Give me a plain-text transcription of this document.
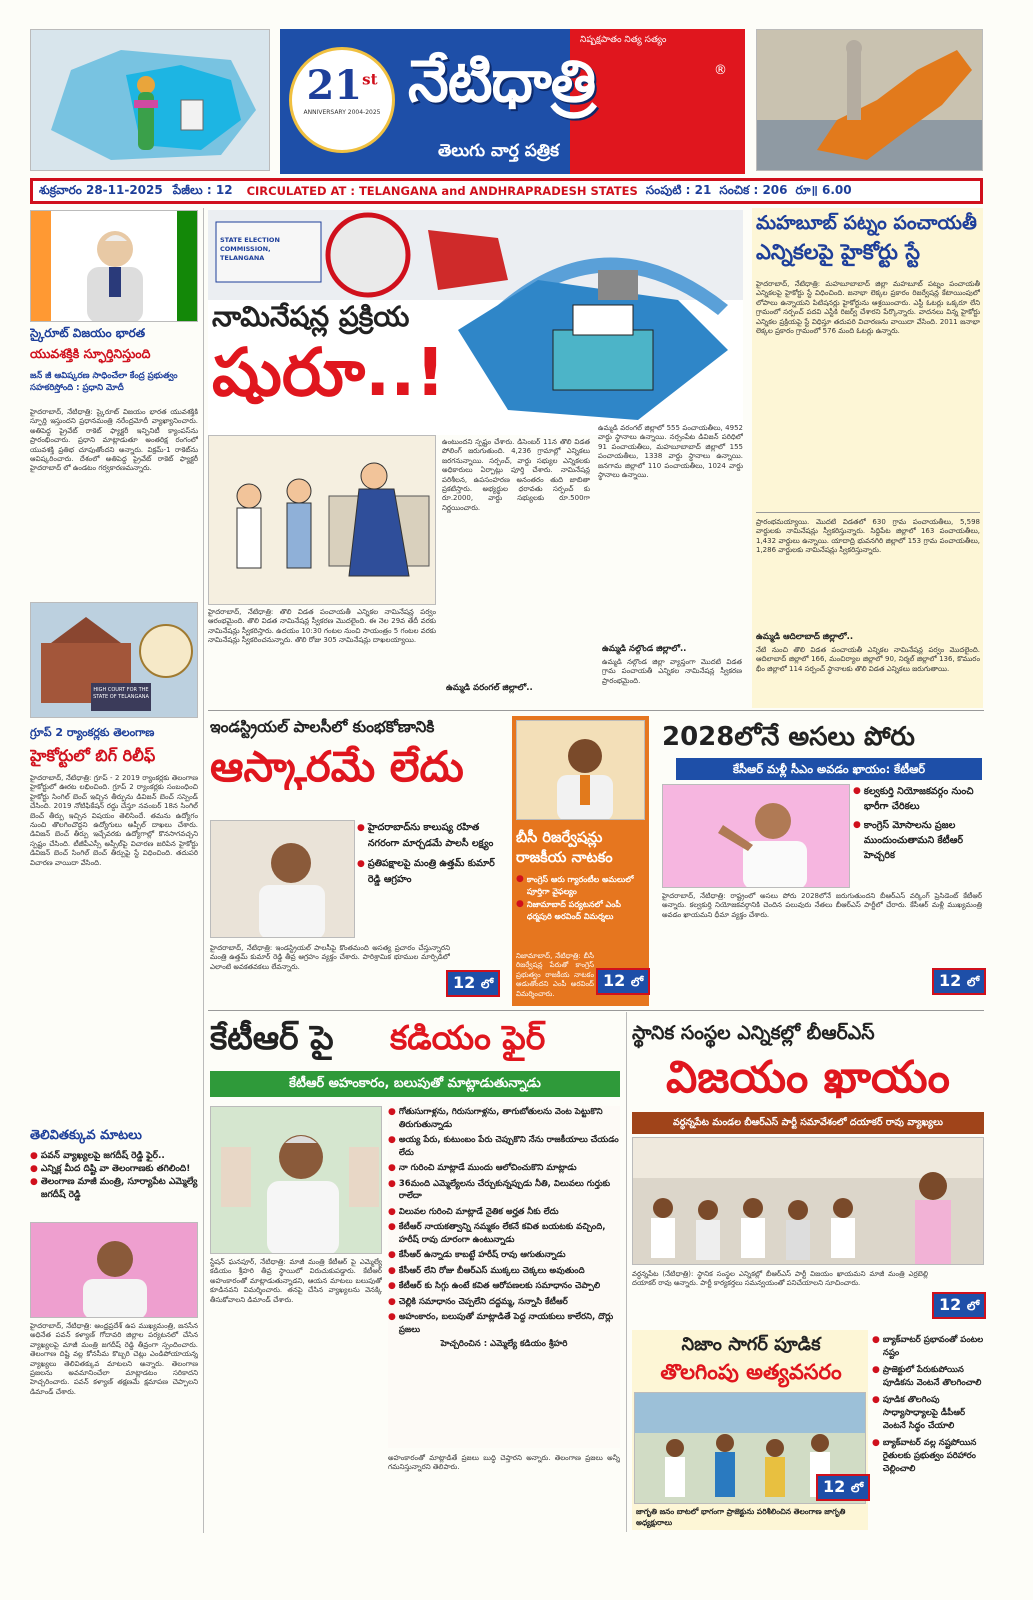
21st
ANNIVERSARY 2004-2025
నిష్పక్షపాతం నిత్య సత్యం
నేటిధాత్రి	®
తెలుగు వార్త పత్రిక
శుక్రవారం 28-11-2025 పేజీలు : 12 CIRCULATED AT : TELANGANA and ANDHRAPRADESH STATES సంపుటి : 21 సంచిక : 206 రూ॥ 6.00
స్కైరూట్ విజయం భారత
యువశక్తికి స్ఫూర్తినిస్తుంది
జన్ జీ ఆవిష్కరణ సాధించేలా కేంద్ర ప్రభుత్వం సహకరిస్తోంది : ప్రధాని మోదీ
హైదరాబాద్, నేటిధాత్రి: స్కైరూట్ విజయం భారత యువశక్తికి స్ఫూర్తి ఇస్తుందని ప్రధానమంత్రి నరేంద్రమోదీ వ్యాఖ్యానించారు. అతిపెద్ద ప్రైవేట్ రాకెట్ ఫ్యాక్టరీ ఇన్ఫినిటీ క్యాంపస్‌ను ప్రారంభించారు. ప్రధాని మాట్లాడుతూ అంతరిక్ష రంగంలో యువశక్తి ప్రతిభ చూపుతోందని అన్నారు. విక్రమ్-1 రాకెట్‌ను ఆవిష్కరించారు. దేశంలో అతిపెద్ద ప్రైవేట్ రాకెట్ ఫ్యాక్టరీ హైదరాబాద్ లో ఉండటం గర్వకారణమన్నారు.
HIGH COURT FOR THE STATE OF TELANGANA
గ్రూప్ 2 ర్యాంకర్లకు తెలంగాణ
హైకోర్టులో బిగ్ రిలీఫ్
హైదరాబాద్, నేటిధాత్రి: గ్రూప్ - 2 2019 ర్యాంకర్లకు తెలంగాణ హైకోర్టులో ఊరట లభించింది. గ్రూప్ 2 ర్యాంకర్లకు సంబంధించి హైకోర్టు సింగిల్ బెంచ్ ఇచ్చిన తీర్పును డివిజన్ బెంచ్ సస్పెండ్ చేసింది. 2019 నోటిఫికేషన్ రద్దు చేస్తూ నవంబర్ 18న సింగిల్ బెంచ్ తీర్పు ఇచ్చిన విషయం తెలిసిందే. తమను ఉద్యోగం నుంచి తొలగించొద్దని ఉద్యోగులు అప్పీల్ దాఖలు చేశారు. డివిజన్ బెంచ్ తీర్పు ఇచ్చేవరకు ఉద్యోగాల్లో కొనసాగవచ్చని స్పష్టం చేసింది. టీజీపీఎస్సీ అప్పీల్‌పై విచారణ జరిపిన హైకోర్టు డివిజన్ బెంచ్ సింగిల్ బెంచ్ తీర్పుపై స్టే విధించింది. తదుపరి విచారణ వాయిదా వేసింది.
తెలివితక్కువ మాటలు
● పవన్ వ్యాఖ్యలపై జగదీష్ రెడ్డి ఫైర్..
● ఎన్నిక్ల మీద దిష్టి వా తెలంగాణకు తగిలింది!
● తెలంగాణ మాజీ మంత్రి, సూర్యాపేట ఎమ్మెల్యే జగదీష్ రెడ్డి
హైదరాబాద్, నేటిధాత్రి: ఆంధ్రప్రదేశ్ ఉప ముఖ్యమంత్రి, జనసేన అధినేత పవన్ కళ్యాణ్ గోదావరి జిల్లాల పర్యటనలో చేసిన వ్యాఖ్యలపై మాజీ మంత్రి జగదీష్ రెడ్డి తీవ్రంగా స్పందించారు. తెలంగాణ దిష్టి వల్ల కోనసీమ కొబ్బరి చెట్లు ఎండిపోయాయన్న వ్యాఖ్యలు తెలివితక్కువ మాటలని అన్నారు. తెలంగాణ ప్రజలను అవమానించేలా మాట్లాడటం సరికాదని హెచ్చరించారు. పవన్ కళ్యాణ్ తక్షణమే క్షమాపణ చెప్పాలని డిమాండ్ చేశారు.
STATE ELECTION COMMISSION, TELANGANA
నామినేషన్ల ప్రక్రియ
షురూ..!
హైదరాబాద్, నేటిధాత్రి: తొలి విడత పంచాయతీ ఎన్నికల నామినేషన్ల పర్వం ఆరంభమైంది. తొలి విడత నామినేషన్ల స్వీకరణ మొదలైంది. ఈ నెల 29వ తేదీ వరకు నామినేషన్లు స్వీకరిస్తారు. ఉదయం 10:30 గంటల నుంచి సాయంత్రం 5 గంటల వరకు నామినేషన్లు స్వీకరించనున్నారు. తొలి రోజు 305 నామినేషన్లు దాఖలయ్యాయి.
ఉంటుందని స్పష్టం చేశారు. డిసెంబర్ 11న తొలి విడత పోలింగ్ జరుగుతుంది. 4,236 గ్రామాల్లో ఎన్నికలు జరగనున్నాయి. సర్పంచ్, వార్డు సభ్యుల ఎన్నికలకు అధికారులు ఏర్పాట్లు పూర్తి చేశారు. నామినేషన్ల పరిశీలన, ఉపసంహరణ అనంతరం తుది జాబితా ప్రకటిస్తారు. అభ్యర్థుల ధరావతు సర్పంచ్ కు రూ.2000, వార్డు సభ్యులకు రూ.500గా నిర్ణయించారు.
ఉమ్మడి వరంగల్ జిల్లాలో..
ఉమ్మడి వరంగల్ జిల్లాలో 555 పంచాయతీలు, 4952 వార్డు స్థానాలు ఉన్నాయి. నర్సంపేట డివిజన్ పరిధిలో 91 పంచాయతీలు, మహబూబాబాద్ జిల్లాలో 155 పంచాయతీలు, 1338 వార్డు స్థానాలు ఉన్నాయి. జనగామ జిల్లాలో 110 పంచాయతీలు, 1024 వార్డు స్థానాలు ఉన్నాయి.
ఉమ్మడి నల్గొండ జిల్లాలో..
ఉమ్మడి నల్గొండ జిల్లా వ్యాప్తంగా మొదటి విడత గ్రామ పంచాయతీ ఎన్నికల నామినేషన్ల స్వీకరణ ప్రారంభమైంది.
మహబూబ్ పట్నం పంచాయతీ
ఎన్నికలపై హైకోర్టు స్టే
హైదరాబాద్, నేటిధాత్రి: మహబూబాబాద్ జిల్లా మహబూబ్ పట్నం పంచాయతీ ఎన్నికలపై హైకోర్టు స్టే విధించింది. జనాభా లెక్కల ప్రకారం రిజర్వేషన్ల కేటాయింపులో లోపాలు ఉన్నాయని పిటిషనర్లు హైకోర్టును ఆశ్రయించారు. ఎస్టీ ఓటర్లు ఒక్కరూ లేని గ్రామంలో సర్పంచ్ పదవి ఎస్టీకి రిజర్వ్ చేశారని పేర్కొన్నారు. వాదనలు విన్న హైకోర్టు ఎన్నికల ప్రక్రియపై స్టే విధిస్తూ తదుపరి విచారణను వాయిదా వేసింది. 2011 జనాభా లెక్కల ప్రకారం గ్రామంలో 576 మంది ఓటర్లు ఉన్నారు.
ప్రారంభమయ్యాయి. మొదటి విడతలో 630 గ్రామ పంచాయతీలు, 5,598 వార్డులకు నామినేషన్లు స్వీకరిస్తున్నారు. సిద్దిపేట జిల్లాలో 163 పంచాయతీలు, 1,432 వార్డులు ఉన్నాయి. యాదాద్రి భువనగిరి జిల్లాలో 153 గ్రామ పంచాయతీలు, 1,286 వార్డులకు నామినేషన్లు స్వీకరిస్తున్నారు.
ఉమ్మడి ఆదిలాబాద్ జిల్లాలో..
నేటి నుంచి తొలి విడత పంచాయతీ ఎన్నికల నామినేషన్ల పర్వం మొదలైంది. ఆదిలాబాద్ జిల్లాలో 166, మంచిర్యాల జిల్లాలో 90, నిర్మల్ జిల్లాలో 136, కొమురం భీం జిల్లాలో 114 సర్పంచ్ స్థానాలకు తొలి విడత ఎన్నికలు జరుగుతాయి.
ఇండస్ట్రియల్ పాలసీలో కుంభకోణానికి
ఆస్కారమే లేదు
● హైదరాబాద్‌ను కాలుష్య రహిత నగరంగా మార్చడమే పాలసీ లక్ష్యం
● ప్రతిపక్షాలపై మంత్రి ఉత్తమ్ కుమార్ రెడ్డి ఆగ్రహం
హైదరాబాద్, నేటిధాత్రి: ఇండస్ట్రియల్ పాలసీపై కొంతమంది అసత్య ప్రచారం చేస్తున్నారని మంత్రి ఉత్తమ్ కుమార్ రెడ్డి తీవ్ర ఆగ్రహం వ్యక్తం చేశారు. పారిశ్రామిక భూముల మార్పిడిలో ఎలాంటి అవకతవకలు లేవన్నారు.
12 లో
బీసీ రిజర్వేషన్లు రాజకీయ నాటకం
● కాంగ్రెస్ ఆరు గ్యారంటీల అమలులో పూర్తిగా వైఫల్యం
● నిజామాబాద్ పర్యటనలో ఎంపీ ధర్మపురి అరవింద్ విమర్శలు
నిజామాబాద్, నేటిధాత్రి: బీసీ రిజర్వేషన్ల పేరుతో కాంగ్రెస్ ప్రభుత్వం రాజకీయ నాటకం ఆడుతోందని ఎంపీ అరవింద్ విమర్శించారు.
12 లో
2028లోనే అసలు పోరు
కేసీఆర్ మళ్లీ సీఎం అవడం ఖాయం: కేటీఆర్
● కల్వకుర్తి నియోజకవర్గం నుంచి భారీగా చేరికలు
● కాంగ్రెస్ మోసాలను ప్రజల ముందుంచుతామని కేటీఆర్ హెచ్చరిక
హైదరాబాద్, నేటిధాత్రి: రాష్ట్రంలో అసలు పోరు 2028లోనే జరుగుతుందని బీఆర్ఎస్ వర్కింగ్ ప్రెసిడెంట్ కేటీఆర్ అన్నారు. కల్వకుర్తి నియోజకవర్గానికి చెందిన పలువురు నేతలు బీఆర్ఎస్ పార్టీలో చేరారు. కేసీఆర్ మళ్లీ ముఖ్యమంత్రి అవడం ఖాయమని ధీమా వ్యక్తం చేశారు.
12 లో
కేటీఆర్ పై	కడియం ఫైర్
కేటీఆర్ అహంకారం, బలుపుతో మాట్లాడుతున్నాడు
స్టేషన్ ఘనపూర్, నేటిధాత్రి: మాజీ మంత్రి కేటీఆర్ పై ఎమ్మెల్యే కడియం శ్రీహరి తీవ్ర స్థాయిలో విరుచుకుపడ్డారు. కేటీఆర్ అహంకారంతో మాట్లాడుతున్నాడని, ఆయన మాటలు బలుపుతో కూడినవని విమర్శించారు. తనపై చేసిన వ్యాఖ్యలను వెనక్కి తీసుకోవాలని డిమాండ్ చేశారు.
● గోతుసుగాళ్లను, గిరుసుగాళ్లను, తాగుబోతులను వెంట పెట్టుకొని తిరుగుతున్నాడు
● అయ్య పేరు, కుటుంబం పేరు చెప్పుకొని నేను రాజకీయాలు చేయడం లేదు
● నా గురించి మాట్లాడే ముందు ఆలోచించుకొని మాట్లాడు
● 36మంది ఎమ్మెల్యేలను చేర్చుకున్నప్పుడు నీతి, విలువలు గుర్తుకు రాలేదా
● విలువల గురించి మాట్లాడే నైతిక అర్హత నీకు లేదు
● కేటీఆర్ నాయకత్వాన్ని నమ్మకం లేకనే కవిత బయటకు వచ్చింది, హరీష్ రావు దూరంగా ఉంటున్నాడు
● కేసీఆర్ ఉన్నాడు కాబట్టే హరీష్ రావు ఆగుతున్నాడు
● కేసీఆర్ లేని రోజు బీఆర్ఎస్ ముక్కలు చెక్కలు అవుతుంది
● కేటీఆర్ కు సిగ్గు ఉంటే కవిత ఆరోపణలకు సమాధానం చెప్పాలి
● చెల్లికి సమాధానం చెప్పలేని దద్దమ్మ, సన్నాసి కేటీఆర్
● అహంకారం, బలుపుతో మాట్లాడితే పెద్ద నాయకులు కాలేరని, దొర్లు ప్రజలు
హెచ్చరించిన : ఎమ్మెల్యే కడియం శ్రీహరి
అహంకారంతో మాట్లాడితే ప్రజలు బుద్ధి చెప్తారని అన్నారు. తెలంగాణ ప్రజలు అన్నీ గమనిస్తున్నారని తెలిపారు.
స్థానిక సంస్థల ఎన్నికల్లో బీఆర్ఎస్
విజయం ఖాయం
వర్ధన్నపేట మండల బీఆర్ఎస్ పార్టీ సమావేశంలో దయాకర్ రావు వ్యాఖ్యలు
వర్ధన్నపేట (నేటిధాత్రి): స్థానిక సంస్థల ఎన్నికల్లో బీఆర్ఎస్ పార్టీ విజయం ఖాయమని మాజీ మంత్రి ఎర్రబెల్లి దయాకర్ రావు అన్నారు. పార్టీ కార్యకర్తలు సమన్వయంతో పనిచేయాలని సూచించారు.
12 లో
నిజాం సాగర్ పూడిక
తొలగింపు అత్యవసరం
12 లో
జాగృతి జనం బాటలో భాగంగా ప్రాజెక్టును పరిశీలించిన తెలంగాణ జాగృతి అధ్యక్షురాలు
● బ్యాక్‌వాటర్ ప్రభావంతో పంటల నష్టం
● ప్రాజెక్టులో పేరుకుపోయిన పూడికను వెంటనే తొలగించాలి
● పూడిక తొలగింపు సాధ్యాసాధ్యాలపై డీపీఆర్ వెంటనే సిద్ధం చేయాలి
● బ్యాక్‌వాటర్ వల్ల నష్టపోయిన రైతులకు ప్రభుత్వం పరిహారం చెల్లించాలి
